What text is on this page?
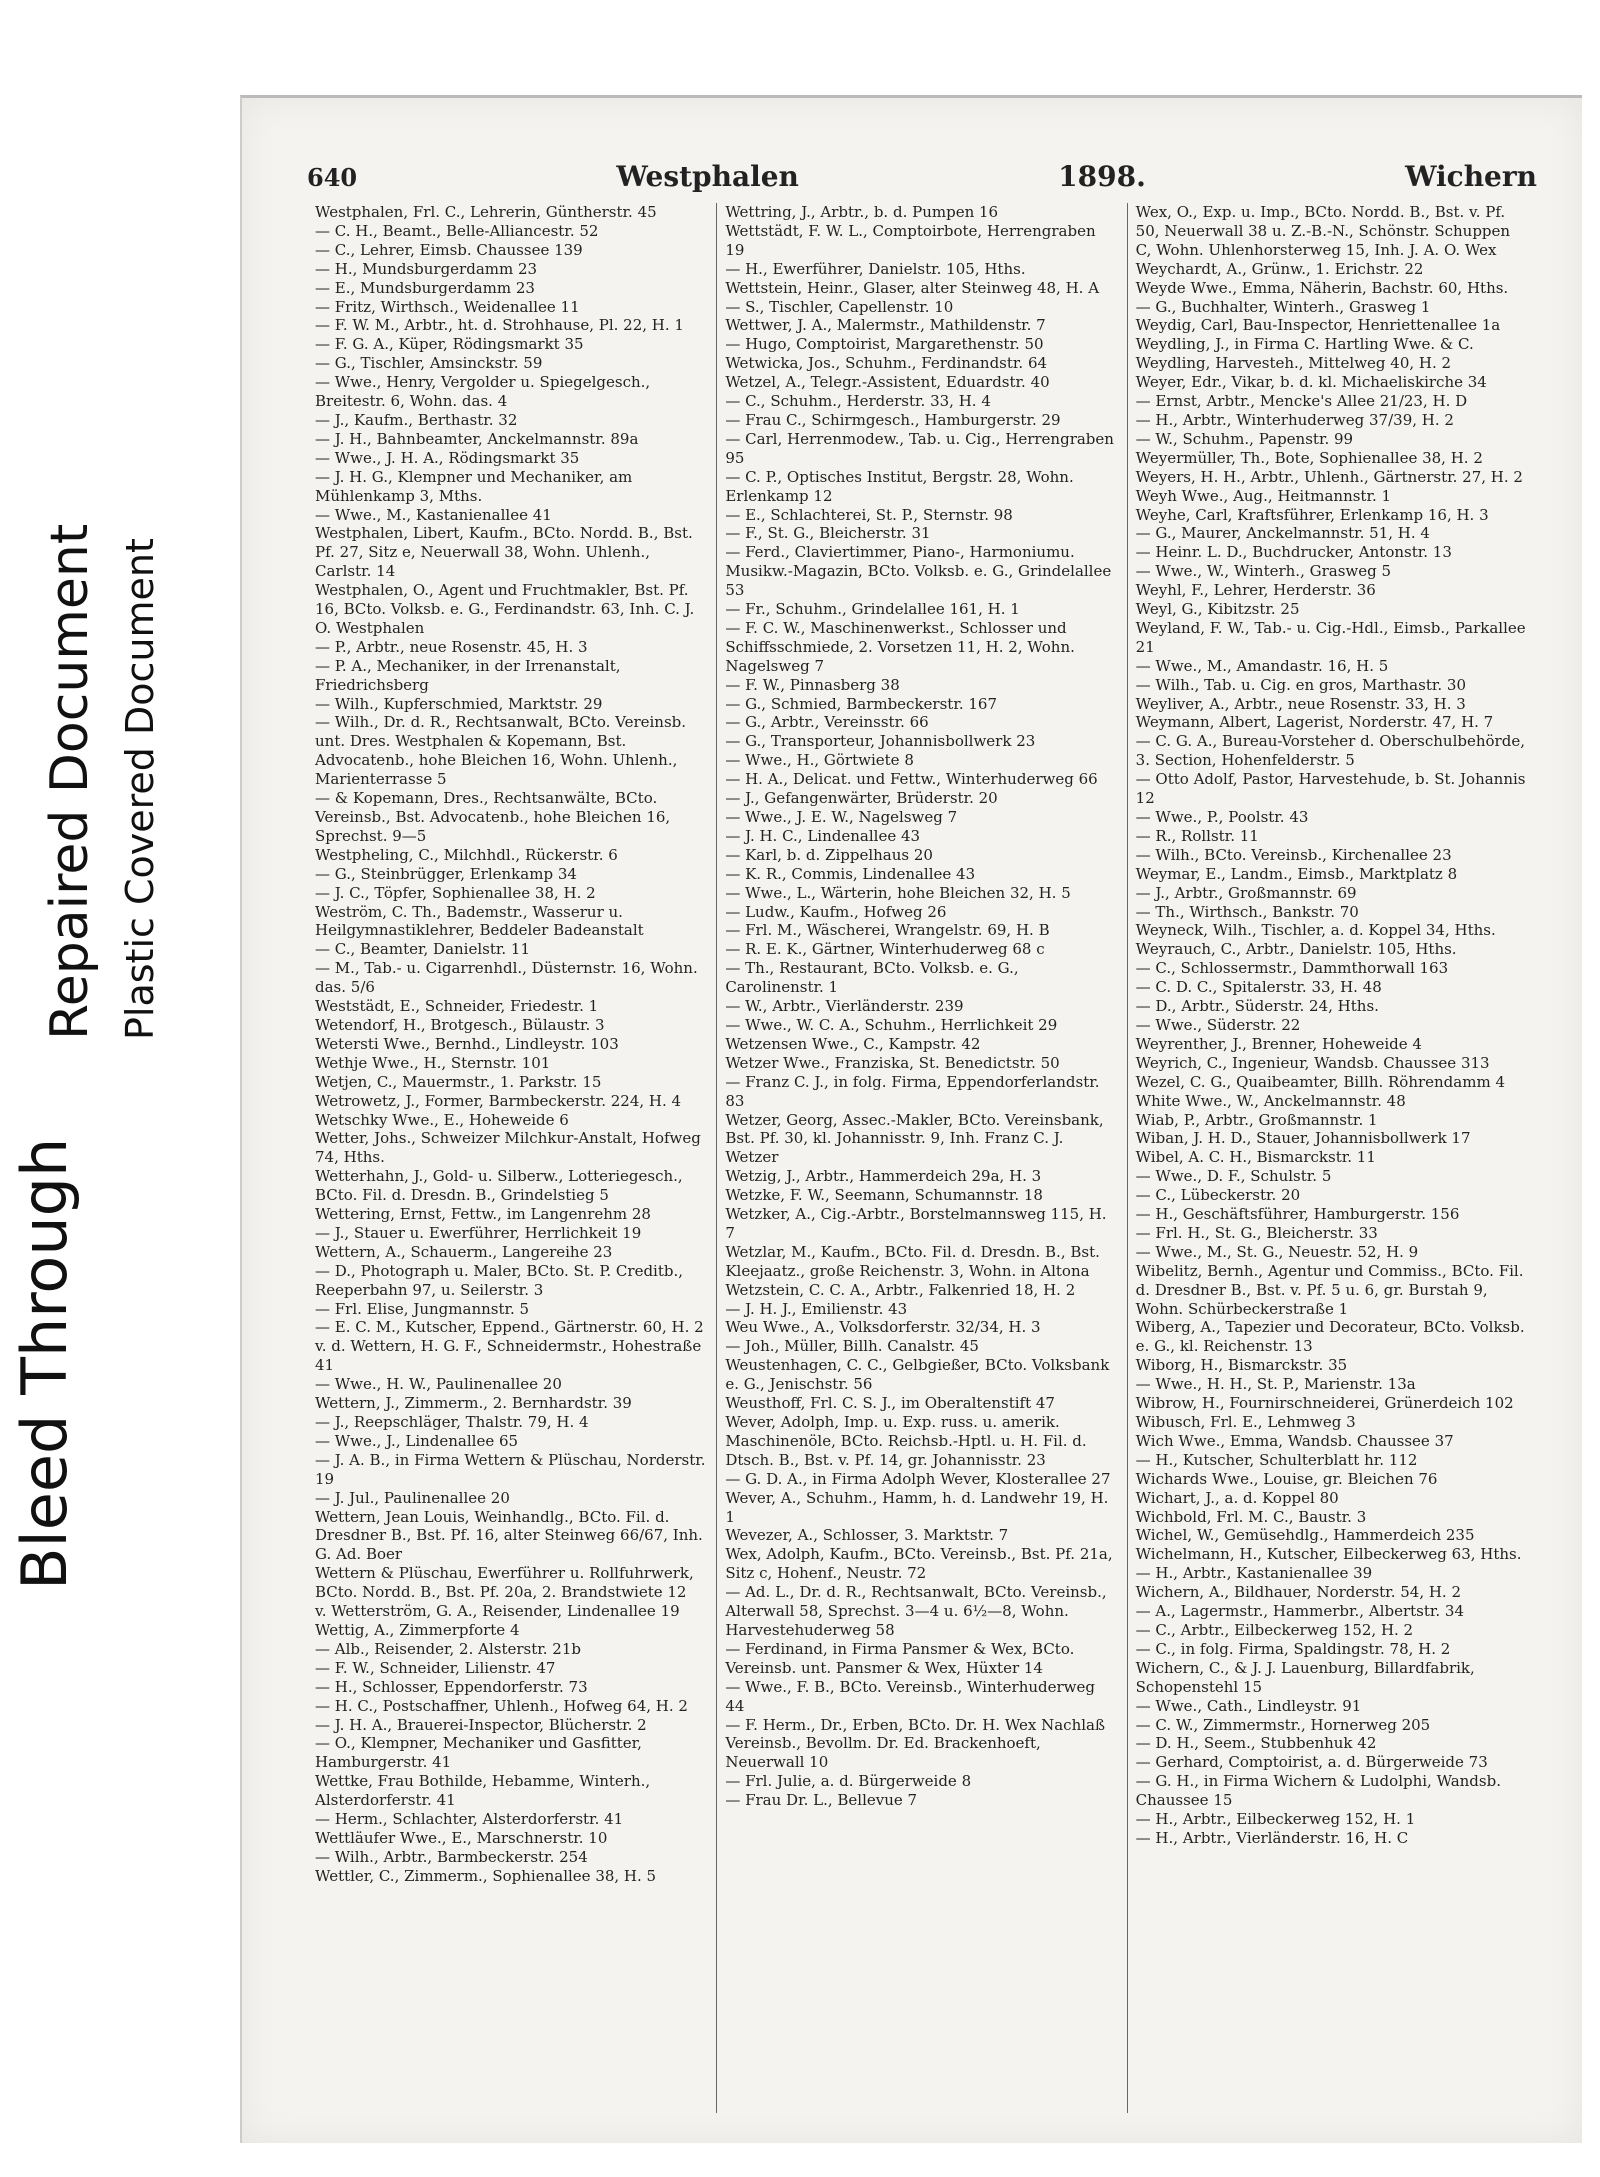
Bleed Through
Repaired Document Plastic Covered Document
640	Westphalen	1898.	Wichern

Westphalen, Frl. C., Lehrerin, Güntherstr. 45

— C. H., Beamt., Belle-Alliancestr. 52

— C., Lehrer, Eimsb. Chaussee 139

— H., Mundsburgerdamm 23

— E., Mundsburgerdamm 23

— Fritz, Wirthsch., Weidenallee 11

— F. W. M., Arbtr., ht. d. Strohhause, Pl. 22, H. 1

— F. G. A., Küper, Rödingsmarkt 35

— G., Tischler, Amsinckstr. 59

— Wwe., Henry, Vergolder u. Spiegelgesch., Breitestr. 6, Wohn. das. 4

— J., Kaufm., Berthastr. 32

— J. H., Bahnbeamter, Anckelmannstr. 89a

— Wwe., J. H. A., Rödingsmarkt 35

— J. H. G., Klempner und Mechaniker, am Mühlenkamp 3, Mths.

— Wwe., M., Kastanienallee 41

Westphalen, Libert, Kaufm., BCto. Nordd. B., Bst. Pf. 27, Sitz e, Neuerwall 38, Wohn. Uhlenh., Carlstr. 14

Westphalen, O., Agent und Fruchtmakler, Bst. Pf. 16, BCto. Volksb. e. G., Ferdinandstr. 63, Inh. C. J. O. Westphalen

— P., Arbtr., neue Rosenstr. 45, H. 3

— P. A., Mechaniker, in der Irrenanstalt, Friedrichsberg

— Wilh., Kupferschmied, Marktstr. 29

— Wilh., Dr. d. R., Rechtsanwalt, BCto. Vereinsb. unt. Dres. Westphalen & Kopemann, Bst. Advocatenb., hohe Bleichen 16, Wohn. Uhlenh., Marienterrasse 5

— & Kopemann, Dres., Rechtsanwälte, BCto. Vereinsb., Bst. Advocatenb., hohe Bleichen 16, Sprechst. 9—5

Westpheling, C., Milchhdl., Rückerstr. 6

— G., Steinbrügger, Erlenkamp 34

— J. C., Töpfer, Sophienallee 38, H. 2

Weström, C. Th., Bademstr., Wasserur u. Heilgymnastiklehrer, Beddeler Badeanstalt

— C., Beamter, Danielstr. 11

— M., Tab.- u. Cigarrenhdl., Düsternstr. 16, Wohn. das. 5/6

Weststädt, E., Schneider, Friedestr. 1

Wetendorf, H., Brotgesch., Bülaustr. 3

Wetersti Wwe., Bernhd., Lindleystr. 103

Wethje Wwe., H., Sternstr. 101

Wetjen, C., Mauermstr., 1. Parkstr. 15

Wetrowetz, J., Former, Barmbeckerstr. 224, H. 4

Wetschky Wwe., E., Hoheweide 6

Wetter, Johs., Schweizer Milchkur-Anstalt, Hofweg 74, Hths.

Wetterhahn, J., Gold- u. Silberw., Lotteriegesch., BCto. Fil. d. Dresdn. B., Grindelstieg 5

Wettering, Ernst, Fettw., im Langenrehm 28

— J., Stauer u. Ewerführer, Herrlichkeit 19

Wettern, A., Schauerm., Langereihe 23

— D., Photograph u. Maler, BCto. St. P. Creditb., Reeperbahn 97, u. Seilerstr. 3

— Frl. Elise, Jungmannstr. 5

— E. C. M., Kutscher, Eppend., Gärtnerstr. 60, H. 2

v. d. Wettern, H. G. F., Schneidermstr., Hohestraße 41

— Wwe., H. W., Paulinenallee 20

Wettern, J., Zimmerm., 2. Bernhardstr. 39

— J., Reepschläger, Thalstr. 79, H. 4

— Wwe., J., Lindenallee 65

— J. A. B., in Firma Wettern & Plüschau, Norderstr. 19

— J. Jul., Paulinenallee 20

Wettern, Jean Louis, Weinhandlg., BCto. Fil. d. Dresdner B., Bst. Pf. 16, alter Steinweg 66/67, Inh. G. Ad. Boer

Wettern & Plüschau, Ewerführer u. Rollfuhrwerk, BCto. Nordd. B., Bst. Pf. 20a, 2. Brandstwiete 12

v. Wetterström, G. A., Reisender, Lindenallee 19

Wettig, A., Zimmerpforte 4

— Alb., Reisender, 2. Alsterstr. 21b

— F. W., Schneider, Lilienstr. 47

— H., Schlosser, Eppendorferstr. 73

— H. C., Postschaffner, Uhlenh., Hofweg 64, H. 2

— J. H. A., Brauerei-Inspector, Blücherstr. 2

— O., Klempner, Mechaniker und Gasfitter, Hamburgerstr. 41

Wettke, Frau Bothilde, Hebamme, Winterh., Alsterdorferstr. 41

— Herm., Schlachter, Alsterdorferstr. 41

Wettläufer Wwe., E., Marschnerstr. 10

— Wilh., Arbtr., Barmbeckerstr. 254

Wettler, C., Zimmerm., Sophienallee 38, H. 5

Wettring, J., Arbtr., b. d. Pumpen 16

Wettstädt, F. W. L., Comptoirbote, Herrengraben 19

— H., Ewerführer, Danielstr. 105, Hths.

Wettstein, Heinr., Glaser, alter Steinweg 48, H. A

— S., Tischler, Capellenstr. 10

Wettwer, J. A., Malermstr., Mathildenstr. 7

— Hugo, Comptoirist, Margarethenstr. 50

Wetwicka, Jos., Schuhm., Ferdinandstr. 64

Wetzel, A., Telegr.-Assistent, Eduardstr. 40

— C., Schuhm., Herderstr. 33, H. 4

— Frau C., Schirmgesch., Hamburgerstr. 29

— Carl, Herrenmodew., Tab. u. Cig., Herrengraben 95

— C. P., Optisches Institut, Bergstr. 28, Wohn. Erlenkamp 12

— E., Schlachterei, St. P., Sternstr. 98

— F., St. G., Bleicherstr. 31

— Ferd., Claviertimmer, Piano-, Harmoniumu. Musikw.-Magazin, BCto. Volksb. e. G., Grindelallee 53

— Fr., Schuhm., Grindelallee 161, H. 1

— F. C. W., Maschinenwerkst., Schlosser und Schiffsschmiede, 2. Vorsetzen 11, H. 2, Wohn. Nagelsweg 7

— F. W., Pinnasberg 38

— G., Schmied, Barmbeckerstr. 167

— G., Arbtr., Vereinsstr. 66

— G., Transporteur, Johannisbollwerk 23

— Wwe., H., Görtwiete 8

— H. A., Delicat. und Fettw., Winterhuderweg 66

— J., Gefangenwärter, Brüderstr. 20

— Wwe., J. E. W., Nagelsweg 7

— J. H. C., Lindenallee 43

— Karl, b. d. Zippelhaus 20

— K. R., Commis, Lindenallee 43

— Wwe., L., Wärterin, hohe Bleichen 32, H. 5

— Ludw., Kaufm., Hofweg 26

— Frl. M., Wäscherei, Wrangelstr. 69, H. B

— R. E. K., Gärtner, Winterhuderweg 68 c

— Th., Restaurant, BCto. Volksb. e. G., Carolinenstr. 1

— W., Arbtr., Vierländerstr. 239

— Wwe., W. C. A., Schuhm., Herrlichkeit 29

Wetzensen Wwe., C., Kampstr. 42

Wetzer Wwe., Franziska, St. Benedictstr. 50

— Franz C. J., in folg. Firma, Eppendorferlandstr. 83

Wetzer, Georg, Assec.-Makler, BCto. Vereinsbank, Bst. Pf. 30, kl. Johannisstr. 9, Inh. Franz C. J. Wetzer

Wetzig, J., Arbtr., Hammerdeich 29a, H. 3

Wetzke, F. W., Seemann, Schumannstr. 18

Wetzker, A., Cig.-Arbtr., Borstelmannsweg 115, H. 7

Wetzlar, M., Kaufm., BCto. Fil. d. Dresdn. B., Bst. Kleejaatz., große Reichenstr. 3, Wohn. in Altona

Wetzstein, C. C. A., Arbtr., Falkenried 18, H. 2

— J. H. J., Emilienstr. 43

Weu Wwe., A., Volksdorferstr. 32/34, H. 3

— Joh., Müller, Billh. Canalstr. 45

Weustenhagen, C. C., Gelbgießer, BCto. Volksbank e. G., Jenischstr. 56

Weusthoff, Frl. C. S. J., im Oberaltenstift 47

Wever, Adolph, Imp. u. Exp. russ. u. amerik. Maschinenöle, BCto. Reichsb.-Hptl. u. H. Fil. d. Dtsch. B., Bst. v. Pf. 14, gr. Johannisstr. 23

— G. D. A., in Firma Adolph Wever, Klosterallee 27

Wever, A., Schuhm., Hamm, h. d. Landwehr 19, H. 1

Wevezer, A., Schlosser, 3. Marktstr. 7

Wex, Adolph, Kaufm., BCto. Vereinsb., Bst. Pf. 21a, Sitz c, Hohenf., Neustr. 72

— Ad. L., Dr. d. R., Rechtsanwalt, BCto. Vereinsb., Alterwall 58, Sprechst. 3—4 u. 6½—8, Wohn. Harvestehuderweg 58

— Ferdinand, in Firma Pansmer & Wex, BCto. Vereinsb. unt. Pansmer & Wex, Hüxter 14

— Wwe., F. B., BCto. Vereinsb., Winterhuderweg 44

— F. Herm., Dr., Erben, BCto. Dr. H. Wex Nachlaß Vereinsb., Bevollm. Dr. Ed. Brackenhoeft, Neuerwall 10

— Frl. Julie, a. d. Bürgerweide 8

— Frau Dr. L., Bellevue 7

Wex, O., Exp. u. Imp., BCto. Nordd. B., Bst. v. Pf. 50, Neuerwall 38 u. Z.-B.-N., Schönstr. Schuppen C, Wohn. Uhlenhorsterweg 15, Inh. J. A. O. Wex

Weychardt, A., Grünw., 1. Erichstr. 22

Weyde Wwe., Emma, Näherin, Bachstr. 60, Hths.

— G., Buchhalter, Winterh., Grasweg 1

Weydig, Carl, Bau-Inspector, Henriettenallee 1a

Weydling, J., in Firma C. Hartling Wwe. & C. Weydling, Harvesteh., Mittelweg 40, H. 2

Weyer, Edr., Vikar, b. d. kl. Michaeliskirche 34

— Ernst, Arbtr., Mencke's Allee 21/23, H. D

— H., Arbtr., Winterhuderweg 37/39, H. 2

— W., Schuhm., Papenstr. 99

Weyermüller, Th., Bote, Sophienallee 38, H. 2

Weyers, H. H., Arbtr., Uhlenh., Gärtnerstr. 27, H. 2

Weyh Wwe., Aug., Heitmannstr. 1

Weyhe, Carl, Kraftsführer, Erlenkamp 16, H. 3

— G., Maurer, Anckelmannstr. 51, H. 4

— Heinr. L. D., Buchdrucker, Antonstr. 13

— Wwe., W., Winterh., Grasweg 5

Weyhl, F., Lehrer, Herderstr. 36

Weyl, G., Kibitzstr. 25

Weyland, F. W., Tab.- u. Cig.-Hdl., Eimsb., Parkallee 21

— Wwe., M., Amandastr. 16, H. 5

— Wilh., Tab. u. Cig. en gros, Marthastr. 30

Weyliver, A., Arbtr., neue Rosenstr. 33, H. 3

Weymann, Albert, Lagerist, Norderstr. 47, H. 7

— C. G. A., Bureau-Vorsteher d. Oberschulbehörde, 3. Section, Hohenfelderstr. 5

— Otto Adolf, Pastor, Harvestehude, b. St. Johannis 12

— Wwe., P., Poolstr. 43

— R., Rollstr. 11

— Wilh., BCto. Vereinsb., Kirchenallee 23

Weymar, E., Landm., Eimsb., Marktplatz 8

— J., Arbtr., Großmannstr. 69

— Th., Wirthsch., Bankstr. 70

Weyneck, Wilh., Tischler, a. d. Koppel 34, Hths.

Weyrauch, C., Arbtr., Danielstr. 105, Hths.

— C., Schlossermstr., Dammthorwall 163

— C. D. C., Spitalerstr. 33, H. 48

— D., Arbtr., Süderstr. 24, Hths.

— Wwe., Süderstr. 22

Weyrenther, J., Brenner, Hoheweide 4

Weyrich, C., Ingenieur, Wandsb. Chaussee 313

Wezel, C. G., Quaibeamter, Billh. Röhrendamm 4

White Wwe., W., Anckelmannstr. 48

Wiab, P., Arbtr., Großmannstr. 1

Wiban, J. H. D., Stauer, Johannisbollwerk 17

Wibel, A. C. H., Bismarckstr. 11

— Wwe., D. F., Schulstr. 5

— C., Lübeckerstr. 20

— H., Geschäftsführer, Hamburgerstr. 156

— Frl. H., St. G., Bleicherstr. 33

— Wwe., M., St. G., Neuestr. 52, H. 9

Wibelitz, Bernh., Agentur und Commiss., BCto. Fil. d. Dresdner B., Bst. v. Pf. 5 u. 6, gr. Burstah 9, Wohn. Schürbeckerstraße 1

Wiberg, A., Tapezier und Decorateur, BCto. Volksb. e. G., kl. Reichenstr. 13

Wiborg, H., Bismarckstr. 35

— Wwe., H. H., St. P., Marienstr. 13a

Wibrow, H., Fournirschneiderei, Grünerdeich 102

Wibusch, Frl. E., Lehmweg 3

Wich Wwe., Emma, Wandsb. Chaussee 37

— H., Kutscher, Schulterblatt hr. 112

Wichards Wwe., Louise, gr. Bleichen 76

Wichart, J., a. d. Koppel 80

Wichbold, Frl. M. C., Baustr. 3

Wichel, W., Gemüsehdlg., Hammerdeich 235

Wichelmann, H., Kutscher, Eilbeckerweg 63, Hths.

— H., Arbtr., Kastanienallee 39

Wichern, A., Bildhauer, Norderstr. 54, H. 2

— A., Lagermstr., Hammerbr., Albertstr. 34

— C., Arbtr., Eilbeckerweg 152, H. 2

— C., in folg. Firma, Spaldingstr. 78, H. 2

Wichern, C., & J. J. Lauenburg, Billardfabrik, Schopenstehl 15

— Wwe., Cath., Lindleystr. 91

— C. W., Zimmermstr., Hornerweg 205

— D. H., Seem., Stubbenhuk 42

— Gerhard, Comptoirist, a. d. Bürgerweide 73

— G. H., in Firma Wichern & Ludolphi, Wandsb. Chaussee 15

— H., Arbtr., Eilbeckerweg 152, H. 1

— H., Arbtr., Vierländerstr. 16, H. C
